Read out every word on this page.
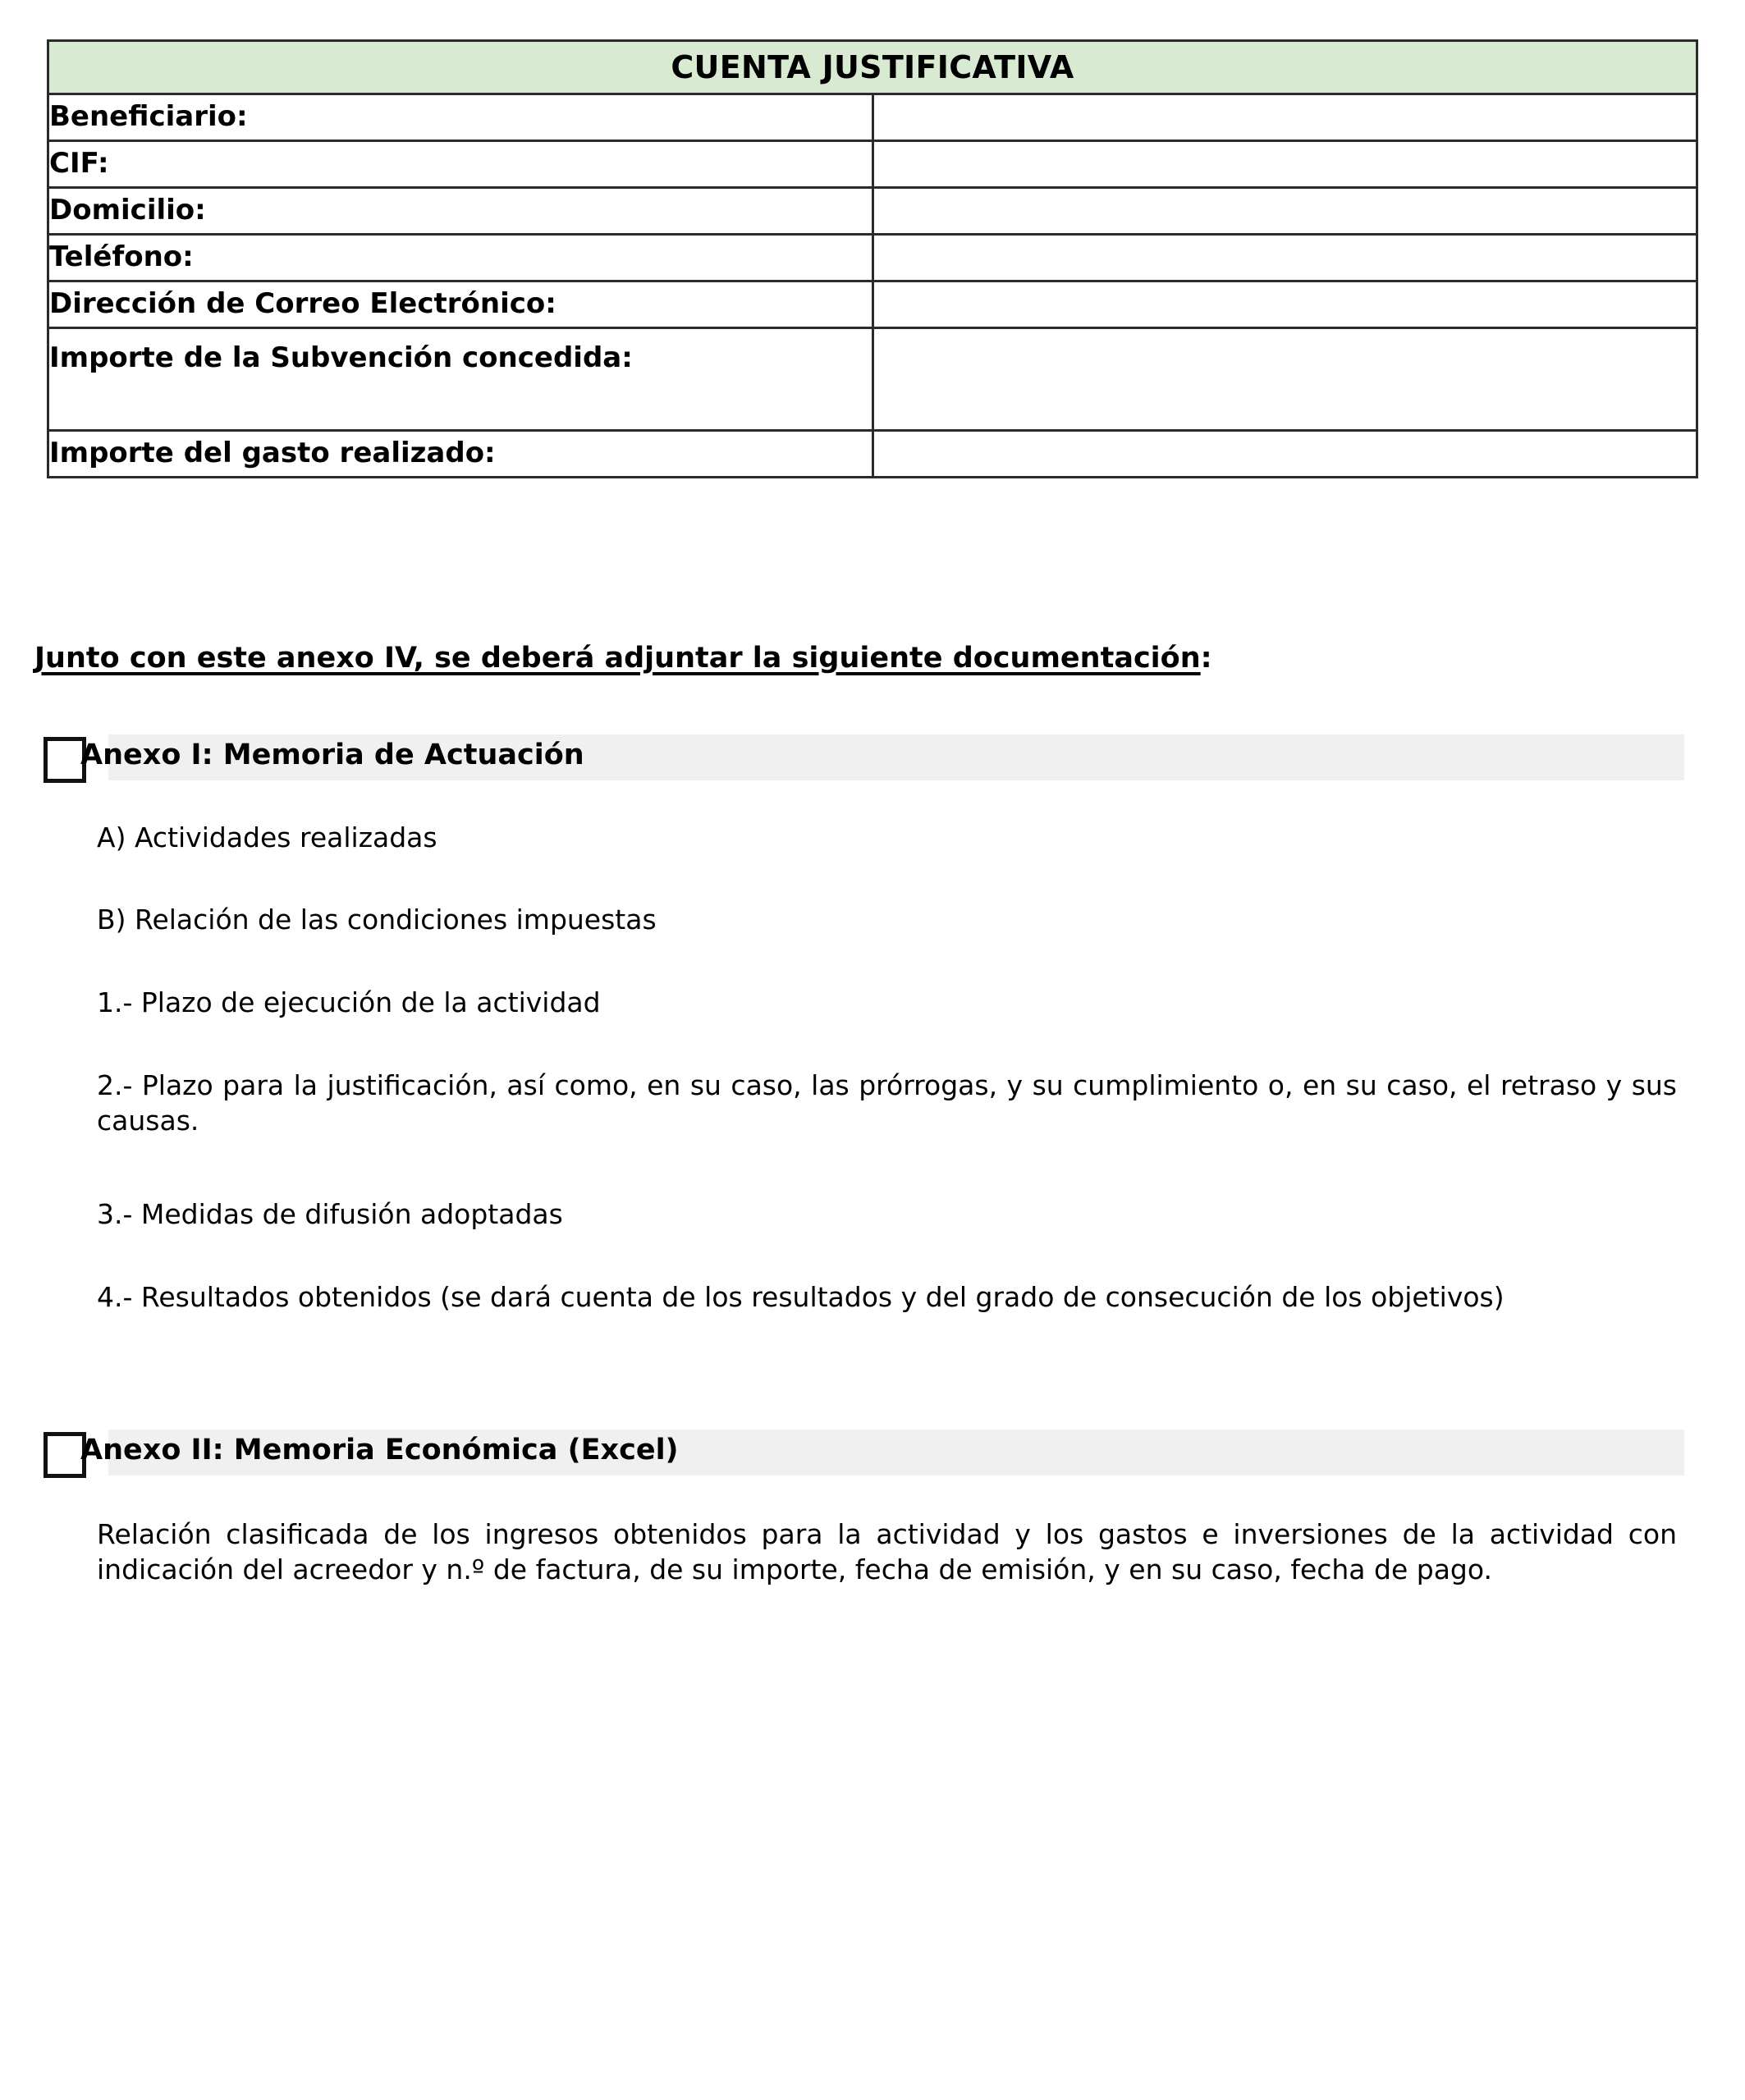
CUENTA JUSTIFICATIVA	

Beneficiario:	

CIF:	

Domicilio:	

Teléfono:	

Dirección de Correo Electrónico:	

Importe de la Subvención concedida:	

Importe del gasto realizado:	

Junto con este anexo IV, se deberá adjuntar la siguiente documentación:
Anexo I: Memoria de Actuación
A) Actividades realizadas
B) Relación de las condiciones impuestas
1.- Plazo de ejecución de la actividad
2.- Plazo para la justificación, así como, en su caso, las prórrogas, y su cumplimiento o, en su caso, el retraso y sus causas.
3.- Medidas de difusión adoptadas
4.- Resultados obtenidos (se dará cuenta de los resultados y del grado de consecución de los objetivos)
Anexo II: Memoria Económica (Excel)
Relación clasificada de los ingresos obtenidos para la actividad y los gastos e inversiones de la actividad con indicación del acreedor y n.º de factura, de su importe, fecha de emisión, y en su caso, fecha de pago.
